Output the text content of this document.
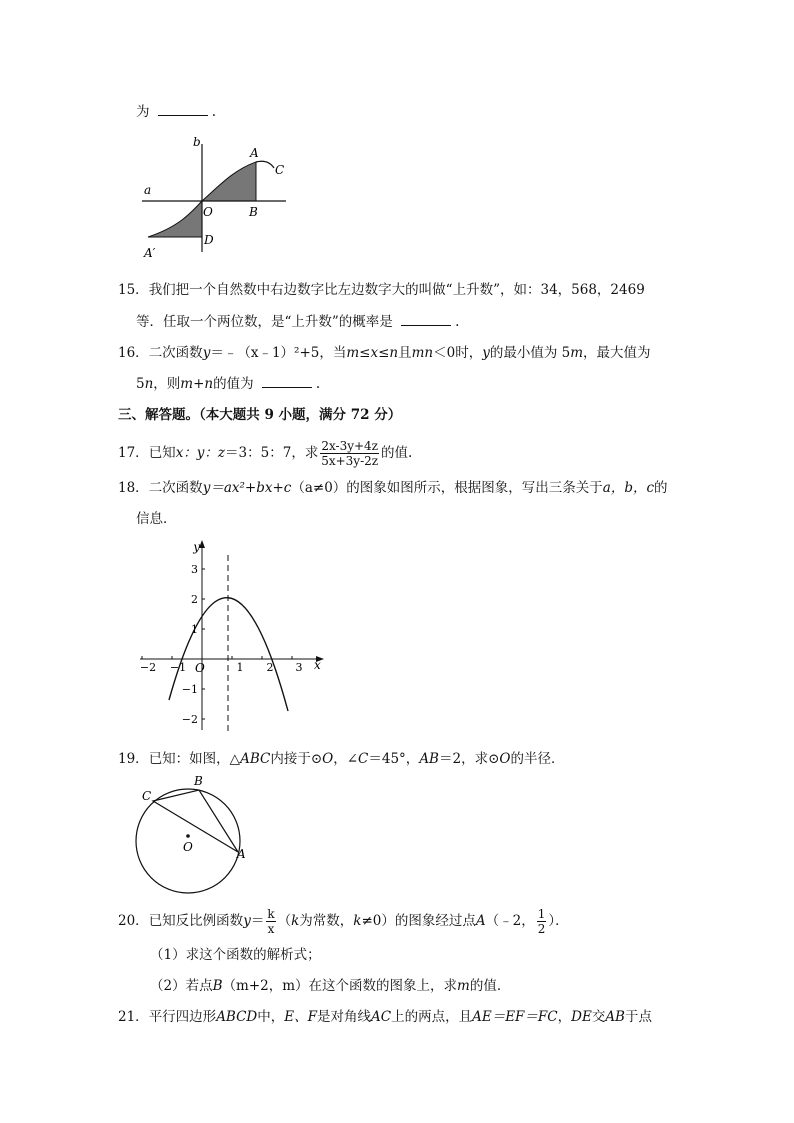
为	.
b
a
A
C
O	B
A′
D
15．我们把一个自然数中右边数字比左边数字大的叫做“上升数”，如：34，568，2469
等．任取一个两位数，是“上升数”的概率是	.
16．二次函数y＝﹣（x﹣1）²+5，当m≤x≤n且mn＜0时，y的最小值为 5m，最大值为
5n，则m+n的值为	.
三、解答题。（本大题共 9 小题，满分 72 分）
17．已知x：y：z＝3：5：7，求 $\frac{2x-3y+4z}{5x+3y-2z}$ 的值.
18．二次函数y＝ax²+bx+c（a≠0）的图象如图所示，根据图象，写出三条关于a，b，c的
信息．
y
x
O
−2 −1	1 2 3
3
2
1
−1
−2
19．已知：如图，△ABC内接于⊙O，∠C＝45°，AB＝2，求⊙O的半径．
C
B
O	A
20．已知反比例函数$y= \frac{k}{x} (k$为常数，k≠0）的图象经过点A（﹣2， $\frac{1}{2}$ ）．
（1）求这个函数的解析式；
（2）若点B（m+2，m）在这个函数的图象上，求m的值．
21．平行四边形ABCD中，E、F是对角线AC上的两点，且AE＝EF＝FC，DE交AB于点
